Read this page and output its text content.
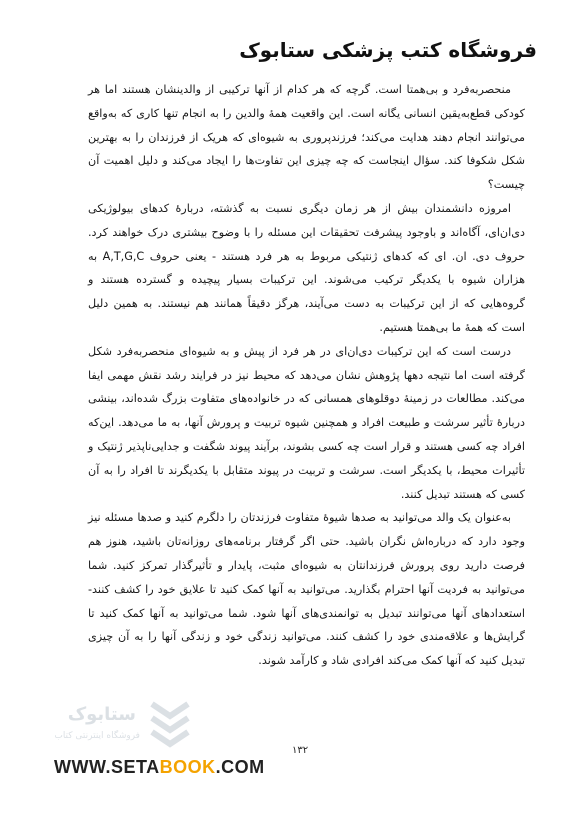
فروشگاه کتب پزشکی ستابوک

منحصربه‌فرد و بی‌همتا است. گرچه که هر کدام از آنها ترکیبی از والدینشان هستند اما هر کودکی قطع‌به‌یقین انسانی یگانه است. این واقعیت همهٔ والدین را به انجام تنها کاری که به‌واقع می‌توانند انجام دهند هدایت می‌کند؛ فرزندپروری به شیوه‌ای که هریک از فرزندان را به بهترین شکل شکوفا کند. سؤال اینجاست که چه چیزی این تفاوت‌ها را ایجاد می‌کند و دلیل اهمیت آن چیست؟

امروزه دانشمندان بیش از هر زمان دیگری نسبت به گذشته، دربارهٔ کدهای بیولوژیکی دی‌ان‌ای، آگاه‌اند و باوجود پیشرفت تحقیقات این مسئله را با وضوح بیشتری درک خواهند کرد. حروف دی. ان. ای که کدهای ژنتیکی مربوط به هر فرد هستند - یعنی حروف A,T,G,C به هزاران شیوه با یکدیگر ترکیب می‌شوند. این ترکیبات بسیار پیچیده و گسترده هستند و گروه‌هایی که از این ترکیبات به دست می‌آیند، هرگز دقیقاً همانند هم نیستند. به همین دلیل است که همهٔ ما بی‌همتا هستیم.

درست است که این ترکیبات دی‌ان‌ای در هر فرد از پیش و به شیوه‌ای منحصربه‌فرد شکل گرفته است اما نتیجه دهها پژوهش نشان می‌دهد که محیط نیز در فرایند رشد نقش مهمی ایفا می‌کند. مطالعات در زمینهٔ دوقلوهای همسانی که در خانواده‌های متفاوت بزرگ شده‌اند، بینشی دربارهٔ تأثیر سرشت و طبیعت افراد و همچنین شیوه تربیت و پرورش آنها، به ما می‌دهد. این‌که افراد چه کسی هستند و قرار است چه کسی بشوند، برآیند پیوند شگفت و جدایی‌ناپذیر ژنتیک و تأثیرات محیط، با یکدیگر است. سرشت و تربیت در پیوند متقابل با یکدیگرند تا افراد را به آن کسی که هستند تبدیل کنند.

به‌عنوان یک والد می‌توانید به صدها شیوهٔ متفاوت فرزندتان را دلگرم کنید و صدها مسئله نیز وجود دارد که درباره‌اش نگران باشید. حتی اگر گرفتار برنامه‌های روزانه‌تان باشید، هنوز هم فرصت دارید روی پرورش فرزندانتان به شیوه‌ای مثبت، پایدار و تأثیرگذار تمرکز کنید. شما می‌توانید به فردیت آنها احترام بگذارید. می‌توانید به آنها کمک کنید تا علایق خود را کشف کنند- استعدادهای آنها می‌توانند تبدیل به توانمندی‌های آنها شود. شما می‌توانید به آنها کمک کنید تا گرایش‌ها و علاقه‌مندی خود را کشف کنند. می‌توانید زندگی خود و زندگی آنها را به آن چیزی تبدیل کنید که آنها کمک می‌کند افرادی شاد و کارآمد شوند.

ستابوک
فروشگاه اینترنتی کتاب
۱۳۲
WWW.SETABOOK.COM
